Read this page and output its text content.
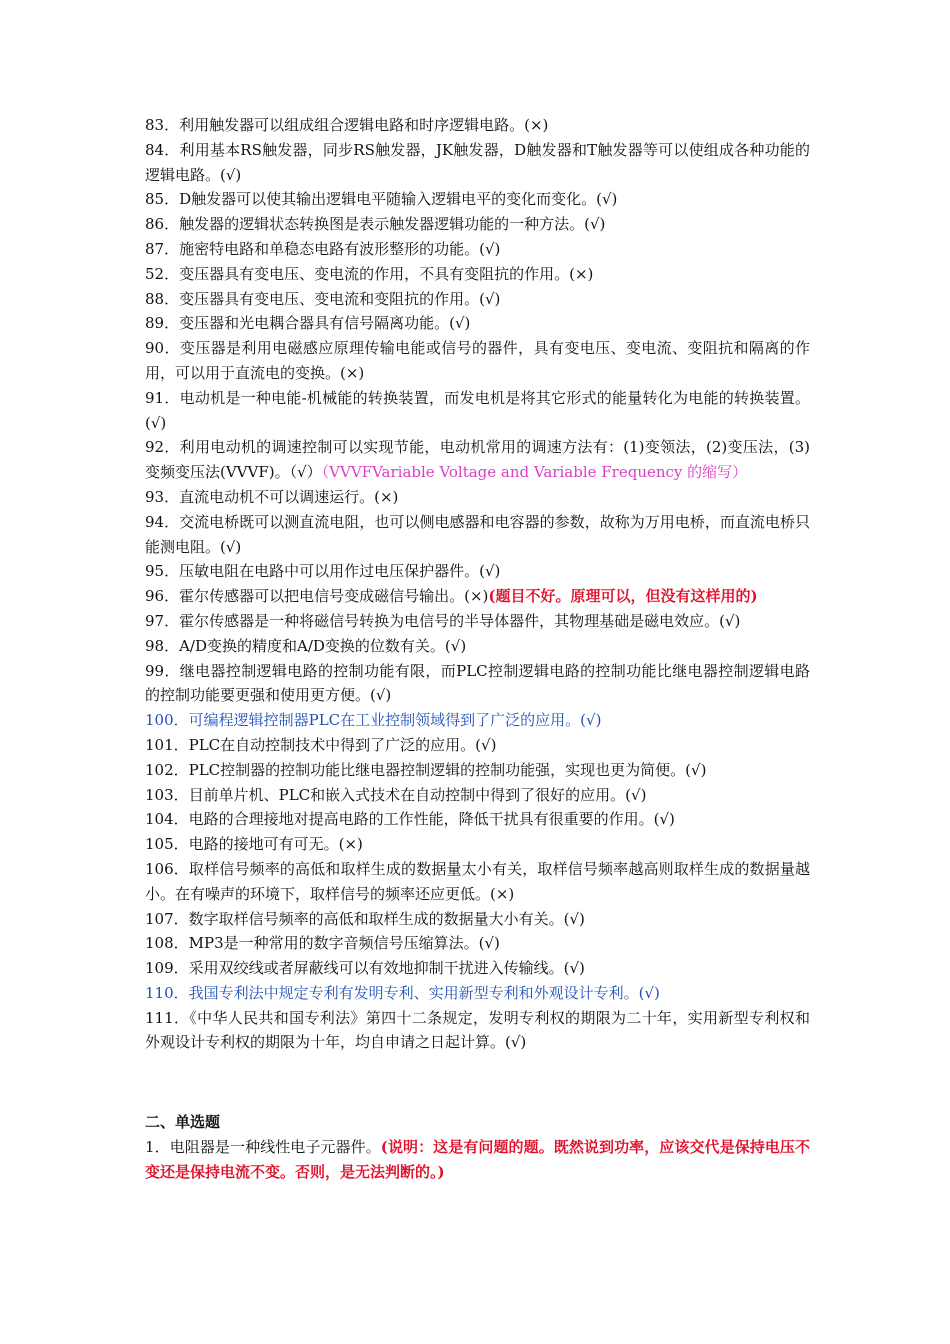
83．利用触发器可以组成组合逻辑电路和时序逻辑电路。(×)

84．利用基本RS触发器，同步RS触发器，JK触发器，D触发器和T触发器等可以使组成各种功能的逻辑电路。(√)

85．D触发器可以使其输出逻辑电平随输入逻辑电平的变化而变化。(√)

86．触发器的逻辑状态转换图是表示触发器逻辑功能的一种方法。(√)

87．施密特电路和单稳态电路有波形整形的功能。(√)

52．变压器具有变电压、变电流的作用，不具有变阻抗的作用。(×)

88．变压器具有变电压、变电流和变阻抗的作用。(√)

89．变压器和光电耦合器具有信号隔离功能。(√)

90．变压器是利用电磁感应原理传输电能或信号的器件，具有变电压、变电流、变阻抗和隔离的作用，可以用于直流电的变换。(×)

91．电动机是一种电能-机械能的转换装置，而发电机是将其它形式的能量转化为电能的转换装置。(√)

92．利用电动机的调速控制可以实现节能，电动机常用的调速方法有：(1)变领法，(2)变压法，(3)变频变压法(VVVF)。（√）（VVVFVariable Voltage and Variable Frequency 的缩写）

93．直流电动机不可以调速运行。(×)

94．交流电桥既可以测直流电阻，也可以侧电感器和电容器的参数，故称为万用电桥，而直流电桥只能测电阻。(√)

95．压敏电阻在电路中可以用作过电压保护器件。(√)

96．霍尔传感器可以把电信号变成磁信号输出。(×)(题目不好。原理可以，但没有这样用的)

97．霍尔传感器是一种将磁信号转换为电信号的半导体器件，其物理基础是磁电效应。(√)

98．A/D变换的精度和A/D变换的位数有关。(√)

99．继电器控制逻辑电路的控制功能有限，而PLC控制逻辑电路的控制功能比继电器控制逻辑电路的控制功能要更强和使用更方便。(√)

100．可编程逻辑控制器PLC在工业控制领域得到了广泛的应用。(√)

101．PLC在自动控制技术中得到了广泛的应用。(√)

102．PLC控制器的控制功能比继电器控制逻辑的控制功能强，实现也更为简便。(√)

103．目前单片机、PLC和嵌入式技术在自动控制中得到了很好的应用。(√)

104．电路的合理接地对提高电路的工作性能，降低干扰具有很重要的作用。(√)

105．电路的接地可有可无。(×)

106．取样信号频率的高低和取样生成的数据量太小有关，取样信号频率越高则取样生成的数据量越小。在有噪声的环境下，取样信号的频率还应更低。(×)

107．数字取样信号频率的高低和取样生成的数据量大小有关。(√)

108．MP3是一种常用的数字音频信号压缩算法。(√)

109．采用双绞线或者屏蔽线可以有效地抑制干扰进入传输线。(√)

110．我国专利法中规定专利有发明专利、实用新型专利和外观设计专利。(√)

111．《中华人民共和国专利法》第四十二条规定，发明专利权的期限为二十年，实用新型专利权和外观设计专利权的期限为十年，均自申请之日起计算。(√)

二、单选题

1．电阻器是一种线性电子元器件。(说明：这是有问题的题。既然说到功率，应该交代是保持电压不变还是保持电流不变。否则，是无法判断的。)
